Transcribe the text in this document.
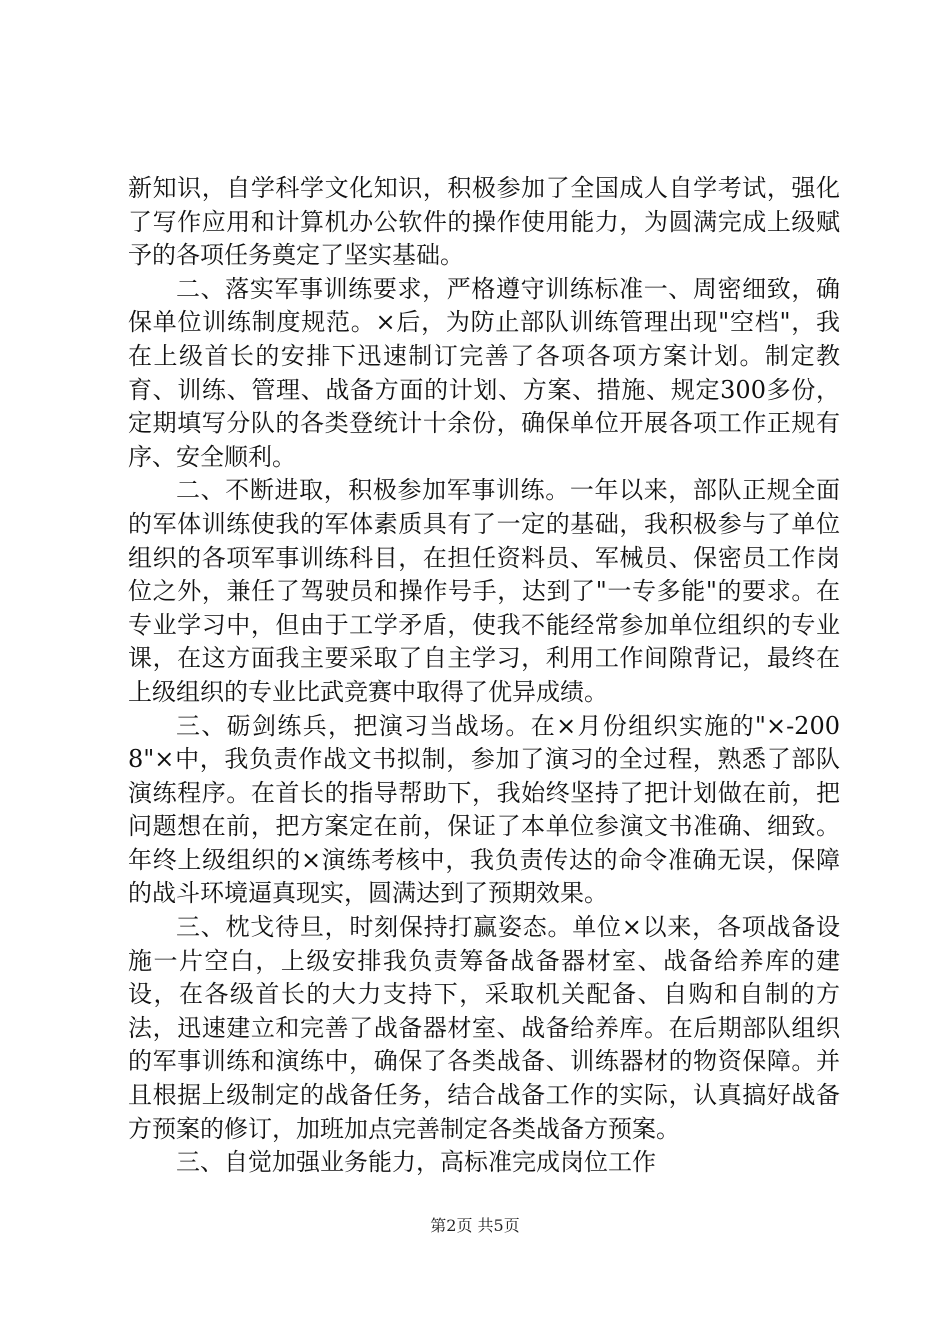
新知识，自学科学文化知识，积极参加了全国成人自学考试，强化了写作应用和计算机办公软件的操作使用能力，为圆满完成上级赋予的各项任务奠定了坚实基础。

二、落实军事训练要求，严格遵守训练标准一、周密细致，确保单位训练制度规范。×后，为防止部队训练管理出现"空档"，我在上级首长的安排下迅速制订完善了各项各项方案计划。制定教育、训练、管理、战备方面的计划、方案、措施、规定300多份，定期填写分队的各类登统计十余份，确保单位开展各项工作正规有序、安全顺利。

二、不断进取，积极参加军事训练。一年以来，部队正规全面的军体训练使我的军体素质具有了一定的基础，我积极参与了单位组织的各项军事训练科目，在担任资料员、军械员、保密员工作岗位之外，兼任了驾驶员和操作号手，达到了"一专多能"的要求。在专业学习中，但由于工学矛盾，使我不能经常参加单位组织的专业课，在这方面我主要采取了自主学习，利用工作间隙背记，最终在上级组织的专业比武竞赛中取得了优异成绩。

三、砺剑练兵，把演习当战场。在×月份组织实施的"×-2008"×中，我负责作战文书拟制，参加了演习的全过程，熟悉了部队演练程序。在首长的指导帮助下，我始终坚持了把计划做在前，把问题想在前，把方案定在前，保证了本单位参演文书准确、细致。年终上级组织的×演练考核中，我负责传达的命令准确无误，保障的战斗环境逼真现实，圆满达到了预期效果。

三、枕戈待旦，时刻保持打赢姿态。单位×以来，各项战备设施一片空白，上级安排我负责筹备战备器材室、战备给养库的建设，在各级首长的大力支持下，采取机关配备、自购和自制的方法，迅速建立和完善了战备器材室、战备给养库。在后期部队组织的军事训练和演练中，确保了各类战备、训练器材的物资保障。并且根据上级制定的战备任务，结合战备工作的实际，认真搞好战备方预案的修订，加班加点完善制定各类战备方预案。

三、自觉加强业务能力，高标准完成岗位工作

第2页 共5页
